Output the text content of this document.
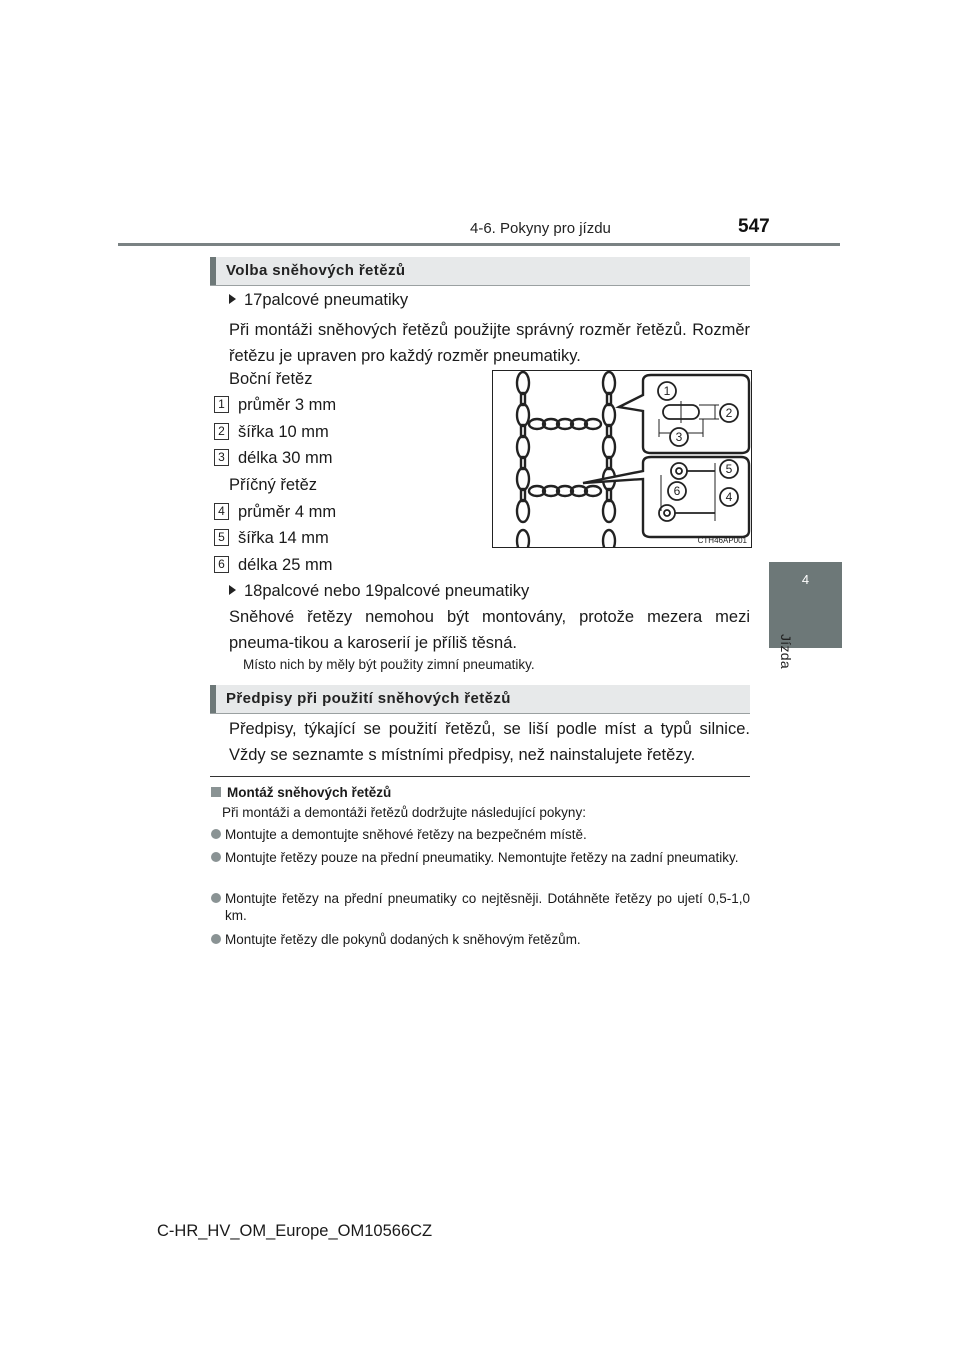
4-6. Pokyny pro jízdu	547
4
Jízda
Volba sněhových řetězů
17palcové pneumatiky
Při montáži sněhových řetězů použijte správný rozměr řetězů. Rozměr řetězu je upraven pro každý rozměr pneumatiky.
Boční řetěz
1 průměr 3 mm
2 šířka 10 mm
3 délka 30 mm
Příčný řetěz
4 průměr 4 mm
5 šířka 14 mm
6 délka 25 mm
1
2
3
4
5
6
CTH46AP001
18palcové nebo 19palcové pneumatiky
Sněhové řetězy nemohou být montovány, protože mezera mezi pneuma-tikou a karoserií je příliš těsná.
Místo nich by měly být použity zimní pneumatiky.
Předpisy při použití sněhových řetězů
Předpisy, týkající se použití řetězů, se liší podle míst a typů silnice. Vždy se seznamte s místními předpisy, než nainstalujete řetězy.
Montáž sněhových řetězů
Při montáži a demontáži řetězů dodržujte následující pokyny:
Montujte a demontujte sněhové řetězy na bezpečném místě.
Montujte řetězy pouze na přední pneumatiky. Nemontujte řetězy na zadní pneumatiky.
Montujte řetězy na přední pneumatiky co nejtěsněji. Dotáhněte řetězy po ujetí 0,5-1,0 km.
Montujte řetězy dle pokynů dodaných k sněhovým řetězům.
C-HR_HV_OM_Europe_OM10566CZ
